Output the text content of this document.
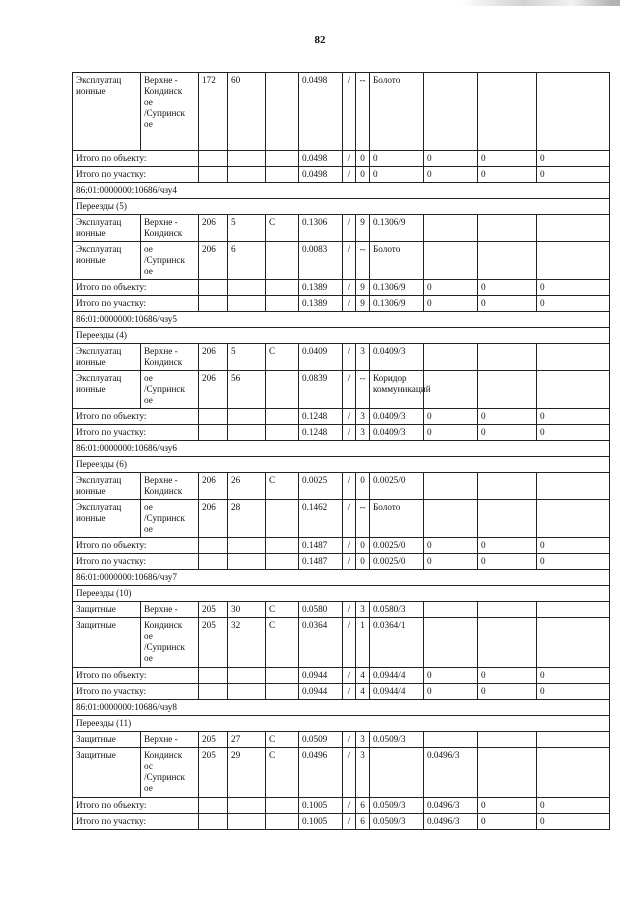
82
Эксплуатац
ионные	Верхне -
Кондинск
ое
/Супринск
ое	172	60		0.0498	/	--	Болото			
Итого по объекту:					0.0498	/	0	0	0	0	0
Итого по участку:					0.0498	/	0	0	0	0	0
86:01:0000000:10686/чзу4											
Переезды (5)											
Эксплуатац
ионные	Верхне -
Кондинск	206	5	С	0.1306	/	9	0.1306/9			
Эксплуатац
ионные	ое
/Супринск
ое	206	6		0.0083	/	--	Болото			
Итого по объекту:					0.1389	/	9	0.1306/9	0	0	0
Итого по участку:					0.1389	/	9	0.1306/9	0	0	0
86:01:0000000:10686/чзу5											
Переезды (4)											
Эксплуатац
ионные	Верхне -
Кондинск	206	5	С	0.0409	/	3	0.0409/3			
Эксплуатац
ионные	ое
/Супринск
ое	206	56		0.0839	/	--	Коридор коммуникаций			
Итого по объекту:					0.1248	/	3	0.0409/3	0	0	0
Итого по участку:					0.1248	/	3	0.0409/3	0	0	0
86:01:0000000:10686/чзу6											
Переезды (6)											
Эксплуатац
ионные	Верхне -
Кондинск	206	26	С	0.0025	/	0	0.0025/0			
Эксплуатац
ионные	ое
/Супринск
ое	206	28		0.1462	/	--	Болото			
Итого по объекту:					0.1487	/	0	0.0025/0	0	0	0
Итого по участку:					0.1487	/	0	0.0025/0	0	0	0
86:01:0000000:10686/чзу7											
Переезды (10)											
Защитные	Верхне -	205	30	С	0.0580	/	3	0.0580/3			
Защитные	Кондинск
ое
/Супринск
ое	205	32	С	0.0364	/	1	0.0364/1			
Итого по объекту:					0.0944	/	4	0.0944/4	0	0	0
Итого по участку:					0.0944	/	4	0.0944/4	0	0	0
86:01:0000000:10686/чзу8											
Переезды (11)											
Защитные	Верхне -	205	27	С	0.0509	/	3	0.0509/3			
Защитные	Кондинск
ос
/Супринск
ое	205	29	С	0.0496	/	3		0.0496/3		
Итого по объекту:					0.1005	/	6	0.0509/3	0.0496/3	0	0
Итого по участку:					0.1005	/	6	0.0509/3	0.0496/3	0	0
